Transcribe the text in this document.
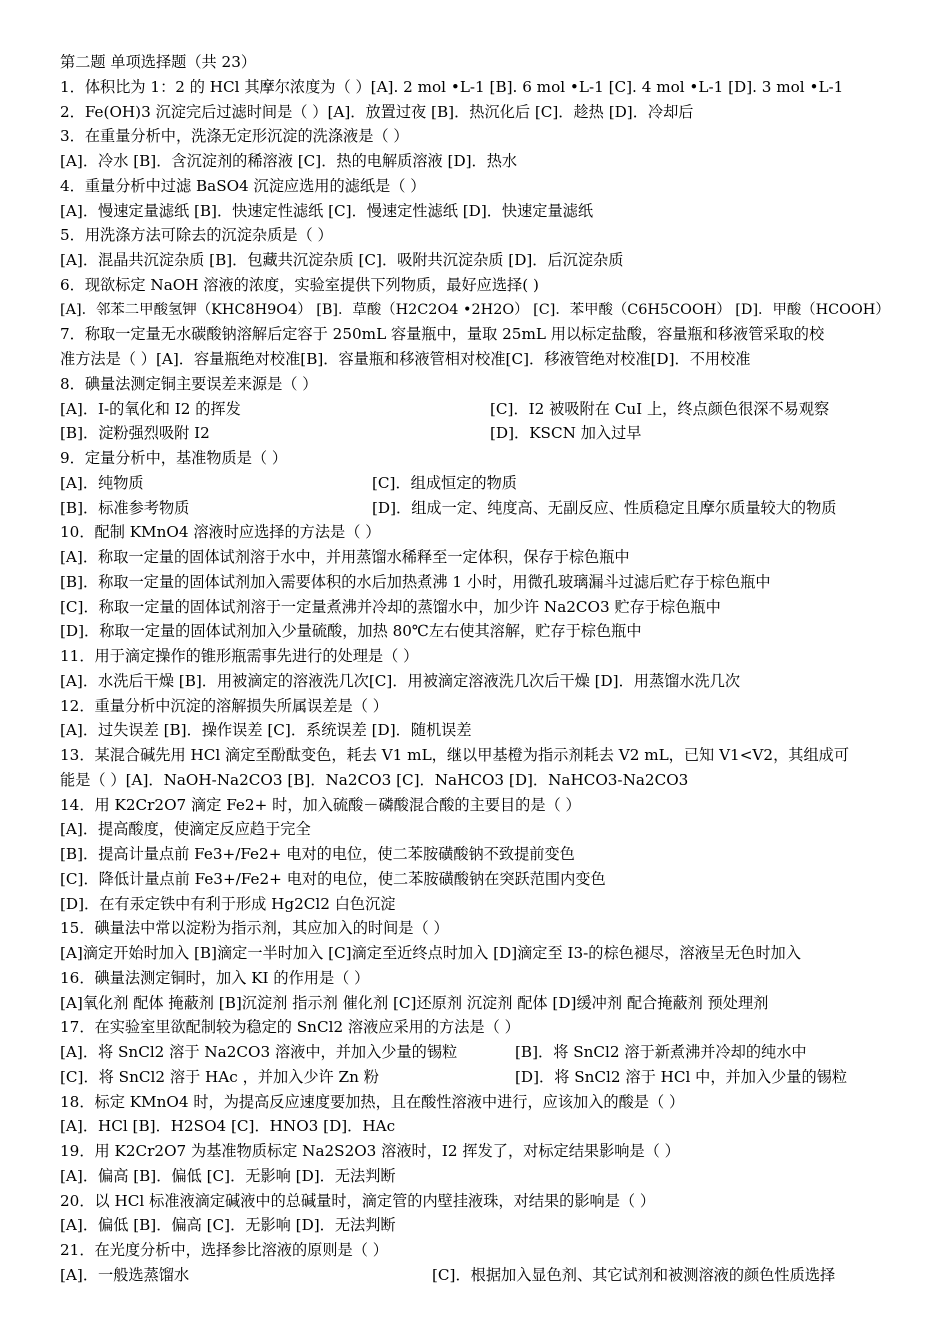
第二题 单项选择题（共 23）
1．体积比为 1：2 的 HCl 其摩尔浓度为（ ）[A]. 2 mol •L-1 [B]. 6 mol •L-1 [C]. 4 mol •L-1 [D]. 3 mol •L-1
2．Fe(OH)3 沉淀完后过滤时间是（ ）[A]．放置过夜 [B]．热沉化后 [C]．趁热 [D]．冷却后
3．在重量分析中，洗涤无定形沉淀的洗涤液是（ ）
[A]．冷水 [B]．含沉淀剂的稀溶液 [C]．热的电解质溶液 [D]．热水
4．重量分析中过滤 BaSO4 沉淀应选用的滤纸是（ ）
[A]．慢速定量滤纸 [B]．快速定性滤纸 [C]．慢速定性滤纸 [D]．快速定量滤纸
5．用洗涤方法可除去的沉淀杂质是（ ）
[A]．混晶共沉淀杂质 [B]．包藏共沉淀杂质 [C]．吸附共沉淀杂质 [D]．后沉淀杂质
6．现欲标定 NaOH 溶液的浓度，实验室提供下列物质，最好应选择( )
[A]．邻苯二甲酸氢钾（KHC8H9O4） [B]．草酸（H2C2O4 •2H2O） [C]．苯甲酸（C6H5COOH） [D]．甲酸（HCOOH）
7．称取一定量无水碳酸钠溶解后定容于 250mL 容量瓶中，量取 25mL 用以标定盐酸，容量瓶和移液管采取的校
准方法是（ ）[A]．容量瓶绝对校准[B]．容量瓶和移液管相对校准[C]．移液管绝对校准[D]．不用校准
8．碘量法测定铜主要误差来源是（ ）
[A]．I-的氧化和 I2 的挥发	[C]．I2 被吸附在 CuI 上，终点颜色很深不易观察
[B]．淀粉强烈吸附 I2	[D]．KSCN 加入过早
9．定量分析中，基准物质是（ ）
[A]．纯物质	[C]．组成恒定的物质
[B]．标准参考物质	[D]．组成一定、纯度高、无副反应、性质稳定且摩尔质量较大的物质
10．配制 KMnO4 溶液时应选择的方法是（ ）
[A]．称取一定量的固体试剂溶于水中，并用蒸馏水稀释至一定体积，保存于棕色瓶中
[B]．称取一定量的固体试剂加入需要体积的水后加热煮沸 1 小时，用微孔玻璃漏斗过滤后贮存于棕色瓶中
[C]．称取一定量的固体试剂溶于一定量煮沸并冷却的蒸馏水中，加少许 Na2CO3 贮存于棕色瓶中
[D]．称取一定量的固体试剂加入少量硫酸，加热 80℃左右使其溶解，贮存于棕色瓶中
11．用于滴定操作的锥形瓶需事先进行的处理是（ ）
[A]．水洗后干燥 [B]．用被滴定的溶液洗几次[C]．用被滴定溶液洗几次后干燥 [D]．用蒸馏水洗几次
12．重量分析中沉淀的溶解损失所属误差是（ ）
[A]．过失误差 [B]．操作误差 [C]．系统误差 [D]．随机误差
13．某混合碱先用 HCl 滴定至酚酞变色，耗去 V1 mL，继以甲基橙为指示剂耗去 V2 mL，已知 V1<V2，其组成可
能是（ ）[A]．NaOH-Na2CO3 [B]．Na2CO3 [C]．NaHCO3 [D]．NaHCO3-Na2CO3
14．用 K2Cr2O7 滴定 Fe2+ 时，加入硫酸－磷酸混合酸的主要目的是（ ）
[A]．提高酸度，使滴定反应趋于完全
[B]．提高计量点前 Fe3+/Fe2+ 电对的电位，使二苯胺磺酸钠不致提前变色
[C]．降低计量点前 Fe3+/Fe2+ 电对的电位，使二苯胺磺酸钠在突跃范围内变色
[D]．在有汞定铁中有利于形成 Hg2Cl2 白色沉淀
15．碘量法中常以淀粉为指示剂，其应加入的时间是（ ）
[A]滴定开始时加入 [B]滴定一半时加入 [C]滴定至近终点时加入 [D]滴定至 I3-的棕色褪尽，溶液呈无色时加入
16．碘量法测定铜时，加入 KI 的作用是（ ）
[A]氧化剂 配体 掩蔽剂 [B]沉淀剂 指示剂 催化剂 [C]还原剂 沉淀剂 配体 [D]缓冲剂 配合掩蔽剂 预处理剂
17．在实验室里欲配制较为稳定的 SnCl2 溶液应采用的方法是（ ）
[A]．将 SnCl2 溶于 Na2CO3 溶液中，并加入少量的锡粒	[B]．将 SnCl2 溶于新煮沸并冷却的纯水中
[C]．将 SnCl2 溶于 HAc ，并加入少许 Zn 粉	[D]．将 SnCl2 溶于 HCl 中，并加入少量的锡粒
18．标定 KMnO4 时，为提高反应速度要加热，且在酸性溶液中进行，应该加入的酸是（ ）
[A]．HCl [B]．H2SO4 [C]．HNO3 [D]．HAc
19．用 K2Cr2O7 为基准物质标定 Na2S2O3 溶液时，I2 挥发了，对标定结果影响是（ ）
[A]．偏高 [B]．偏低 [C]．无影响 [D]．无法判断
20．以 HCl 标准液滴定碱液中的总碱量时，滴定管的内壁挂液珠，对结果的影响是（ ）
[A]．偏低 [B]．偏高 [C]．无影响 [D]．无法判断
21．在光度分析中，选择参比溶液的原则是（ ）
[A]．一般选蒸馏水	[C]．根据加入显色剂、其它试剂和被测溶液的颜色性质选择
